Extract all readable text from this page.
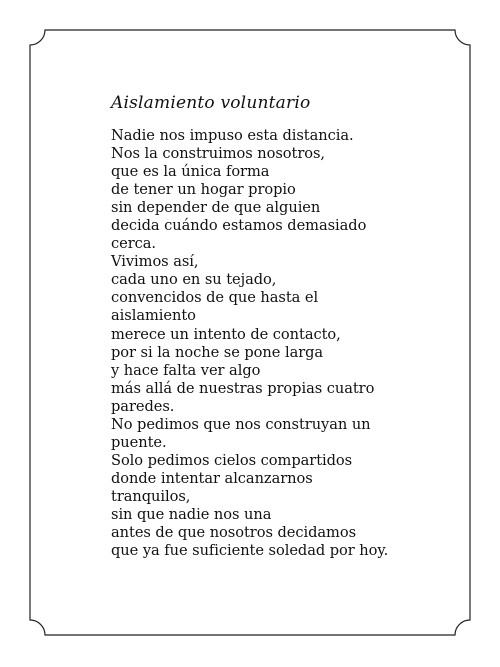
Aislamiento voluntario
Nadie nos impuso esta distancia.
Nos la construimos nosotros,
que es la única forma
de tener un hogar propio
sin depender de que alguien
decida cuándo estamos demasiado
cerca.
Vivimos así,
cada uno en su tejado,
convencidos de que hasta el
aislamiento
merece un intento de contacto,
por si la noche se pone larga
y hace falta ver algo
más allá de nuestras propias cuatro
paredes.
No pedimos que nos construyan un
puente.
Solo pedimos cielos compartidos
donde intentar alcanzarnos
tranquilos,
sin que nadie nos una
antes de que nosotros decidamos
que ya fue suficiente soledad por hoy.
